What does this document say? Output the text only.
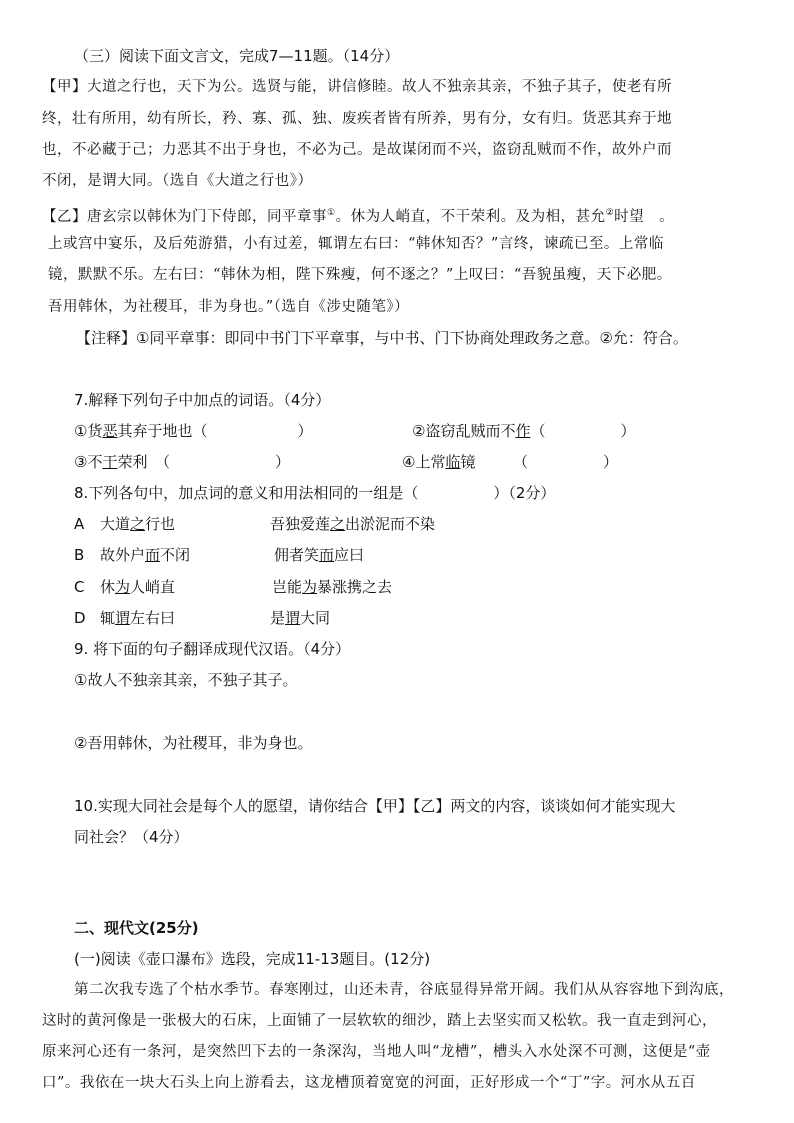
（三）阅读下面文言文，完成7—11题。（14分）
【甲】大道之行也，天下为公。选贤与能，讲信修睦。故人不独亲其亲，不独子其子，使老有所
终，壮有所用，幼有所长，矜、寡、孤、独、废疾者皆有所养，男有分，女有归。货恶其弃于地
也，不必藏于己；力恶其不出于身也，不必为己。是故谋闭而不兴，盗窃乱贼而不作，故外户而
不闭，是谓大同。（选自《大道之行也》）
【乙】唐玄宗以韩休为门下侍郎，同平章事①。休为人峭直，不干荣利。及为相，甚允②时望　。
上或宫中宴乐，及后苑游猎，小有过差，辄谓左右曰：“韩休知否？”言终，谏疏已至。上常临
镜，默默不乐。左右曰：“韩休为相，陛下殊瘦，何不逐之？”上叹曰：“吾貌虽瘦，天下必肥。
吾用韩休，为社稷耳，非为身也。”（选自《涉史随笔》）
【注释】①同平章事：即同中书门下平章事，与中书、门下协商处理政务之意。②允：符合。
7.解释下列句子中加点的词语。（4分）
①货恶其弃于地也（　　　　　　）	②盗窃乱贼而不作（　　　　　）
③不干荣利　（　　　　　　　）	④上常临镜　　　（　　　　　）
8.下列各句中，加点词的意义和用法相同的一组是（　　　　　）（2分）
A 大道之行也	吾独爱莲之出淤泥而不染
B 故外户而不闭	佣者笑而应曰
C 休为人峭直	岂能为暴涨携之去
D 辄谓左右曰	是谓大同
9. 将下面的句子翻译成现代汉语。（4分）
①故人不独亲其亲，不独子其子。
②吾用韩休，为社稷耳，非为身也。
10.实现大同社会是每个人的愿望，请你结合【甲】【乙】两文的内容，谈谈如何才能实现大
同社会？（4分）
二、现代文(25分)
(一)阅读《壶口瀑布》选段，完成11-13题目。(12分)
第二次我专选了个枯水季节。春寒刚过，山还未青，谷底显得异常开阔。我们从从容容地下到沟底，
这时的黄河像是一张极大的石床，上面铺了一层软软的细沙，踏上去坚实而又松软。我一直走到河心，
原来河心还有一条河，是突然凹下去的一条深沟，当地人叫“龙槽”，槽头入水处深不可测，这便是“壶
口”。我依在一块大石头上向上游看去，这龙槽顶着宽宽的河面，正好形成一个“丁”字。河水从五百
